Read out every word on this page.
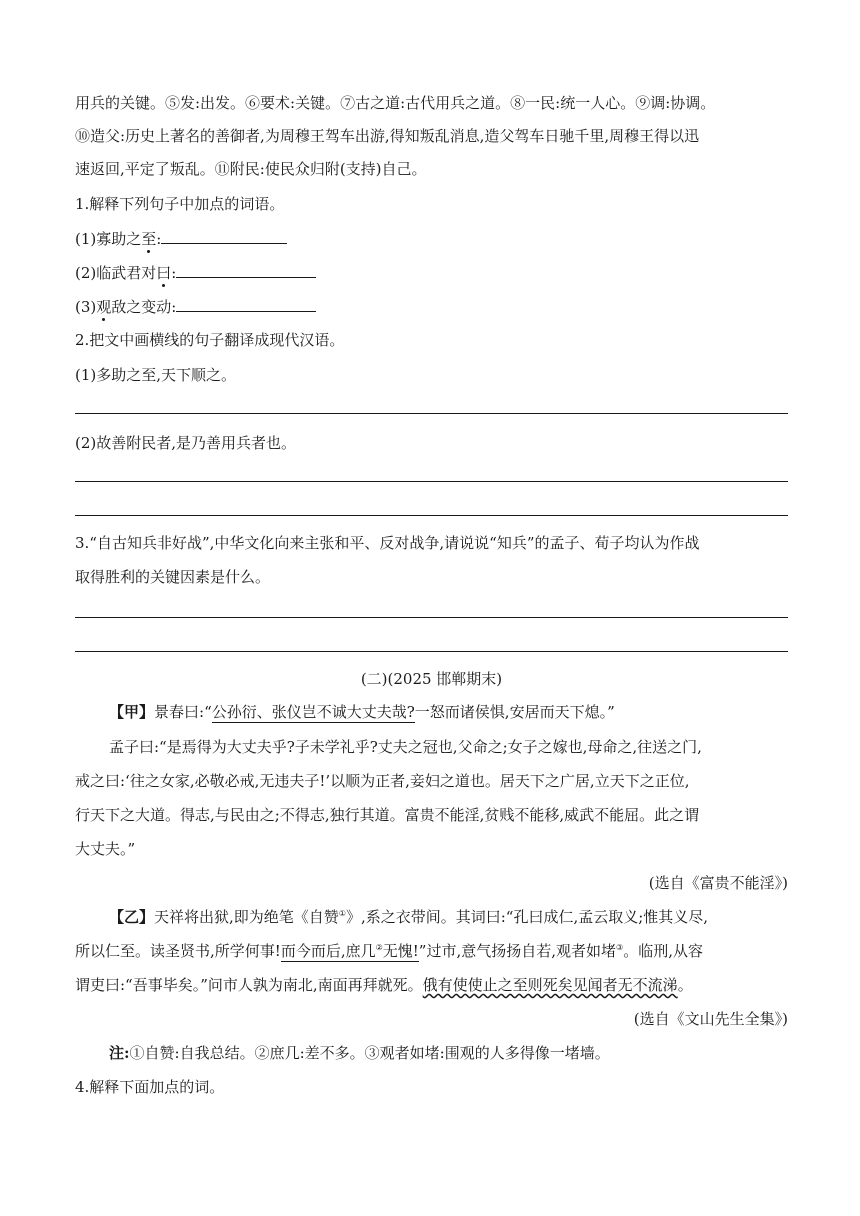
用兵的关键。⑤发:出发。⑥要术:关键。⑦古之道:古代用兵之道。⑧一民:统一人心。⑨调:协调。
⑩造父:历史上著名的善御者,为周穆王驾车出游,得知叛乱消息,造父驾车日驰千里,周穆王得以迅
速返回,平定了叛乱。⑪附民:使民众归附(支持)自己。
1.解释下列句子中加点的词语。
(1)寡助之至:
(2)临武君对曰:
(3)观敌之变动:
2.把文中画横线的句子翻译成现代汉语。
(1)多助之至,天下顺之。
(2)故善附民者,是乃善用兵者也。
3.“自古知兵非好战”,中华文化向来主张和平、反对战争,请说说“知兵”的孟子、荀子均认为作战
取得胜利的关键因素是什么。
(二)(2025 邯郸期末)
【甲】景春曰:“公孙衍、张仪岂不诚大丈夫哉?一怒而诸侯惧,安居而天下熄。”
孟子曰:“是焉得为大丈夫乎?子未学礼乎?丈夫之冠也,父命之;女子之嫁也,母命之,往送之门,
戒之曰:‘往之女家,必敬必戒,无违夫子!’以顺为正者,妾妇之道也。居天下之广居,立天下之正位,
行天下之大道。得志,与民由之;不得志,独行其道。富贵不能淫,贫贱不能移,威武不能屈。此之谓
大丈夫。”
(选自《富贵不能淫》)
【乙】天祥将出狱,即为绝笔《自赞①》,系之衣带间。其词曰:“孔曰成仁,孟云取义;惟其义尽,
所以仁至。读圣贤书,所学何事!而今而后,庶几②无愧!”过市,意气扬扬自若,观者如堵③。临刑,从容
谓吏曰:“吾事毕矣。”问市人孰为南北,南面再拜就死。俄有使使止之至则死矣见闻者无不流涕。
(选自《文山先生全集》)
注:①自赞:自我总结。②庶几:差不多。③观者如堵:围观的人多得像一堵墙。
4.解释下面加点的词。
